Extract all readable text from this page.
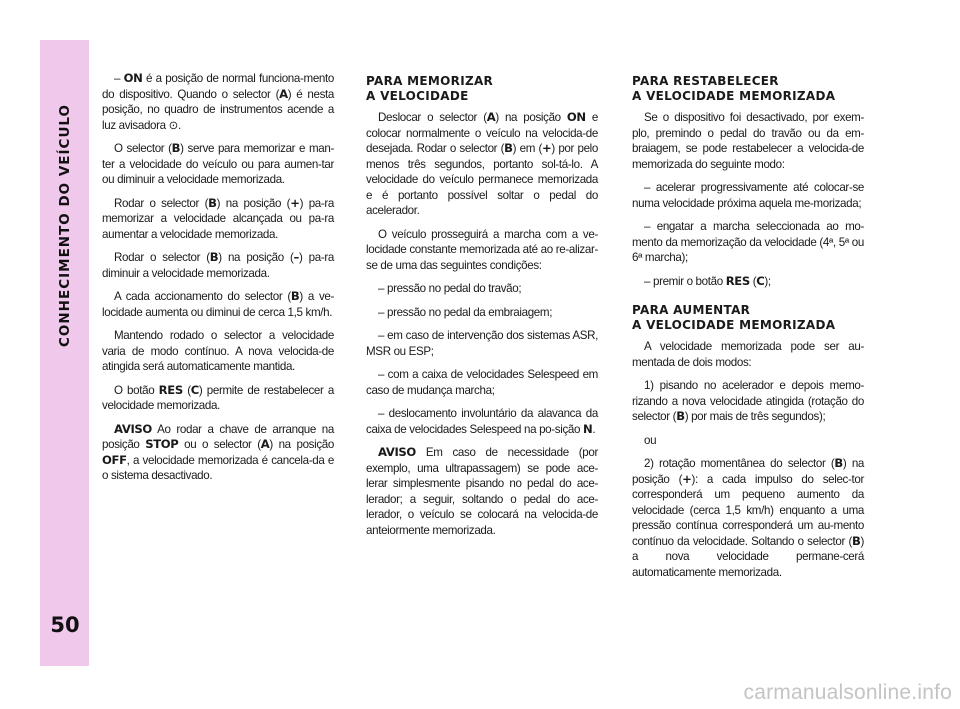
CONHECIMENTO DO VEÍCULO
50

– ON é a posição de normal funciona-mento do dispositivo. Quando o selector (A) é nesta posição, no quadro de instrumentos acende a luz avisadora ⊙.

O selector (B) serve para memorizar e man-ter a velocidade do veículo ou para aumen-tar ou diminuir a velocidade memorizada.

Rodar o selector (B) na posição (+) pa-ra memorizar a velocidade alcançada ou pa-ra aumentar a velocidade memorizada.

Rodar o selector (B) na posição (–) pa-ra diminuir a velocidade memorizada.

A cada accionamento do selector (B) a ve-locidade aumenta ou diminui de cerca 1,5 km/h.

Mantendo rodado o selector a velocidade varia de modo contínuo. A nova velocida-de atingida será automaticamente mantida.

O botão RES (C) permite de restabelecer a velocidade memorizada.

AVISO Ao rodar a chave de arranque na posição STOP ou o selector (A) na posição OFF, a velocidade memorizada é cancela-da e o sistema desactivado.

PARA MEMORIZAR
A VELOCIDADE

Deslocar o selector (A) na posição ON e colocar normalmente o veículo na velocida-de desejada. Rodar o selector (B) em (+) por pelo menos três segundos, portanto sol-tá-lo. A velocidade do veículo permanece memorizada e é portanto possível soltar o pedal do acelerador.

O veículo prosseguirá a marcha com a ve-locidade constante memorizada até ao re-alizar-se de uma das seguintes condições:

– pressão no pedal do travão;

– pressão no pedal da embraiagem;

– em caso de intervenção dos sistemas ASR, MSR ou ESP;

– com a caixa de velocidades Selespeed em caso de mudança marcha;

– deslocamento involuntário da alavanca da caixa de velocidades Selespeed na po-sição N.

AVISO Em caso de necessidade (por exemplo, uma ultrapassagem) se pode ace-lerar simplesmente pisando no pedal do ace-lerador; a seguir, soltando o pedal do ace-lerador, o veículo se colocará na velocida-de anteiormente memorizada.

PARA RESTABELECER
A VELOCIDADE MEMORIZADA

Se o dispositivo foi desactivado, por exem-plo, premindo o pedal do travão ou da em-braiagem, se pode restabelecer a velocida-de memorizada do seguinte modo:

– acelerar progressivamente até colocar-se numa velocidade próxima aquela me-morizada;

– engatar a marcha seleccionada ao mo-mento da memorização da velocidade (4ª, 5ª ou 6ª marcha);

– premir o botão RES (C);

PARA AUMENTAR
A VELOCIDADE MEMORIZADA

A velocidade memorizada pode ser au-mentada de dois modos:

1) pisando no acelerador e depois memo-rizando a nova velocidade atingida (rotação do selector (B) por mais de três segundos);

ou

2) rotação momentânea do selector (B) na posição (+): a cada impulso do selec-tor corresponderá um pequeno aumento da velocidade (cerca 1,5 km/h) enquanto a uma pressão contínua corresponderá um au-mento contínuo da velocidade. Soltando o selector (B) a nova velocidade permane-cerá automaticamente memorizada.

carmanualsonline.info
